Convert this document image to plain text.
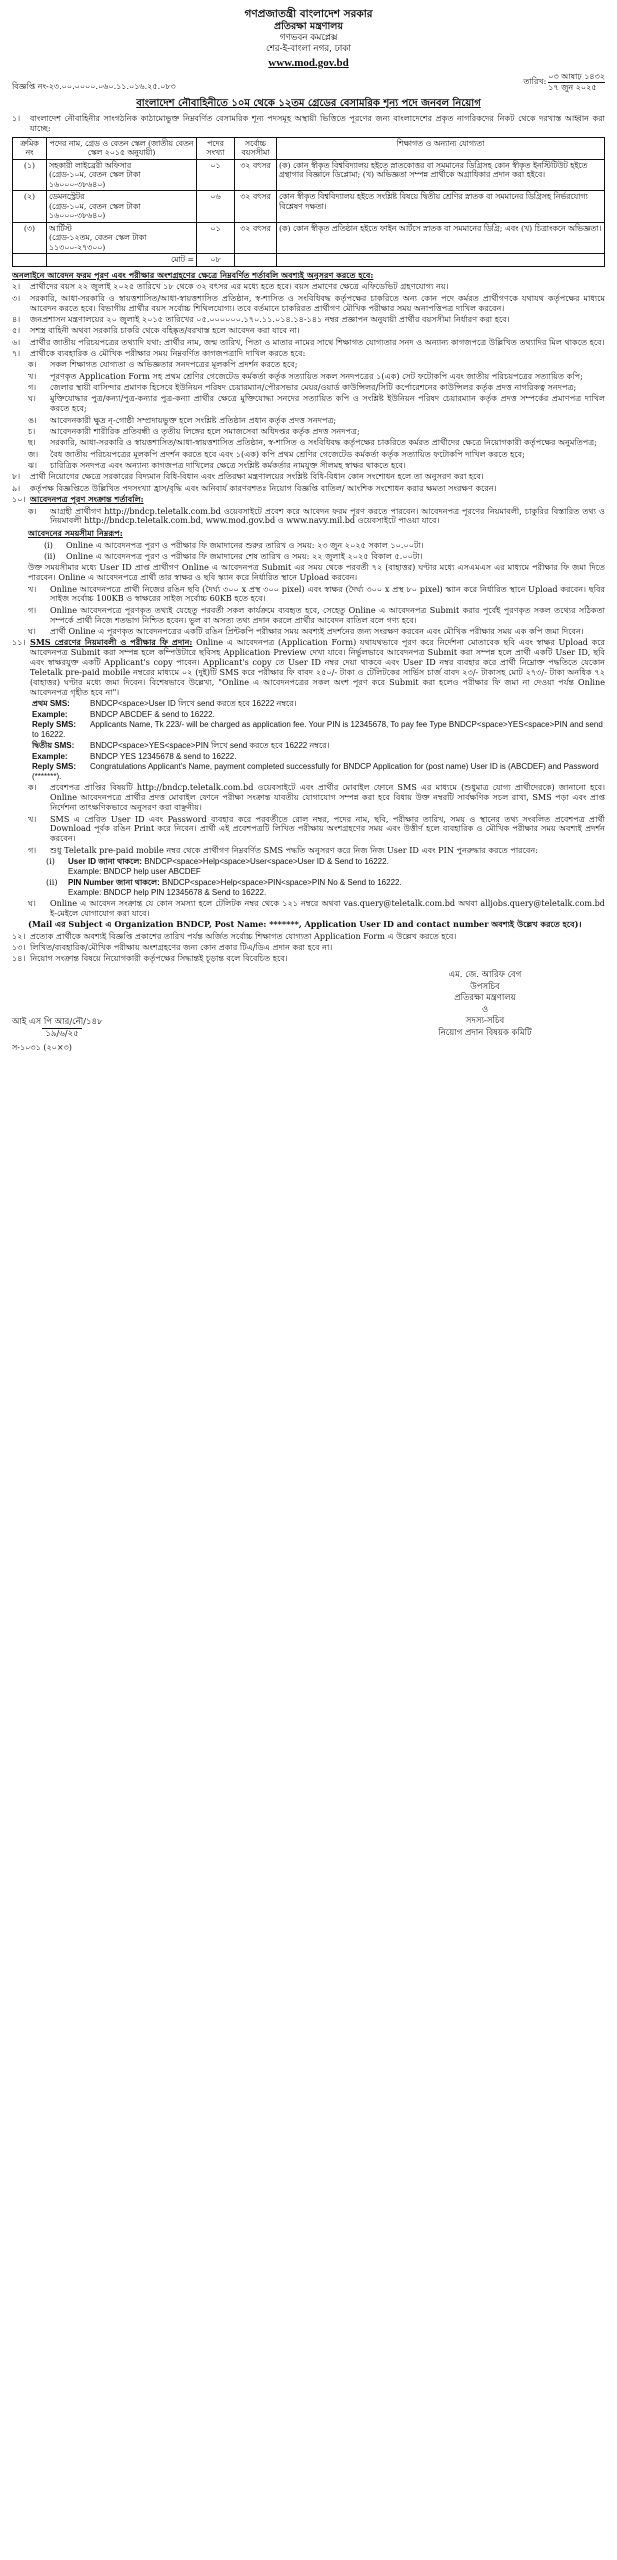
গণপ্রজাতন্ত্রী বাংলাদেশ সরকার
প্রতিরক্ষা মন্ত্রণালয়
গণভবন কমপ্লেক্স
শের-ই-বাংলা নগর, ঢাকা
www.mod.gov.bd
বিজ্ঞপ্তি নং-২৩.০০.০০০০.০৬০.১১.০১৬.২৫.০৮৩
তারিখ:
০৩ আষাঢ় ১৪৩২
১৭ জুন ২০২৫
বাংলাদেশ নৌবাহিনীতে ১০ম থেকে ১২তম গ্রেডের বেসামরিক শূন্য পদে জনবল নিয়োগ
১।	বাংলাদেশ নৌবাহিনীর সাংগঠনিক কাঠামোভুক্ত নিম্নবর্ণিত বেসামরিক শূন্য পদসমূহ অস্থায়ী ভিত্তিতে পূরণের জন্য বাংলাদেশের প্রকৃত নাগরিকদের নিকট থেকে দরখাস্ত আহ্বান করা যাচ্ছে:
ক্রমিক নং	পদের নাম, গ্রেড ও বেতন স্কেল (জাতীয় বেতন স্কেল ২০১৫ অনুযায়ী)	পদের সংখ্যা	সর্বোচ্চ বয়সসীমা	শিক্ষাগত ও অন্যান্য যোগ্যতা
(১)	সহকারী লাইব্রেরী অফিসার
(গ্রেড-১০ম, বেতন স্কেল টাকা ১৬০০০-৩৮৬৪০)	০১	৩২ বৎসর	(ক) কোন স্বীকৃত বিশ্ববিদ্যালয় হইতে স্নাতকোত্তর বা সমমানের ডিগ্রিসহ কোন স্বীকৃত ইনস্টিটিউট হইতে গ্রন্থাগার বিজ্ঞানে ডিপ্লোমা; (খ) অভিজ্ঞতা সম্পন্ন প্রার্থীকে অগ্রাধিকার প্রদান করা হইবে।
(২)	ডেমনস্ট্রেটর
(গ্রেড-১০ম, বেতন স্কেল টাকা ১৬০০০-৩৮৬৪০)	০৬	৩২ বৎসর	কোন স্বীকৃত বিশ্ববিদ্যালয় হইতে সংশ্লিষ্ট বিষয়ে দ্বিতীয় শ্রেণির স্নাতক বা সমমানের ডিগ্রিসহ নির্ভরযোগ্য বিশ্লেষণ দক্ষতা।
(৩)	আর্টিস্ট
(গ্রেড-১২তম, বেতন স্কেল টাকা ১১৩০০-২৭৩০০)	০১	৩২ বৎসর	(ক) কোন স্বীকৃত প্রতিষ্ঠান হইতে ফাইন আর্টসে স্নাতক বা সমমানের ডিগ্রি; এবং (খ) চিত্রাংকনে অভিজ্ঞতা।
	মোট =	০৮		
অনলাইনে আবেদন ফরম পূরণ এবং পরীক্ষার অংশগ্রহণের ক্ষেত্রে নিম্নবর্ণিত শর্তাবলি অবশ্যই অনুসরণ করতে হবে:
২।	প্রার্থীদের বয়স ২২ জুলাই ২০২৫ তারিখে ১৮ থেকে ৩২ বৎসর এর মধ্যে হতে হবে। বয়স প্রমাণের ক্ষেত্রে এফিডেভিট গ্রহণযোগ্য নয়।
৩।	সরকারি, আধা-সরকারি ও স্বায়ত্তশাসিত/আধা-স্বায়ত্তশাসিত প্রতিষ্ঠান, স্ব-শাসিত ও সংবিধিবদ্ধ কর্তৃপক্ষের চাকরিতে অন্য কোন পদে কর্মরত প্রার্থীগণকে যথাযথ কর্তৃপক্ষের মাধ্যমে আবেদন করতে হবে। বিভাগীয় প্রার্থীর বয়স সর্বোচ্চ শিথিলযোগ্য। তবে বর্তমানে চাকরিরত প্রার্থীগণ মৌখিক পরীক্ষার সময় অনাপত্তিপত্র দাখিল করবেন।
৪।	জনপ্রশাসন মন্ত্রণালয়ের ২০ জুলাই ২০১৫ তারিখের ০৫.০০০০০০.১৭০.১১.০১৪.১৪-১৪১ নম্বর প্রজ্ঞাপন অনুযায়ী প্রার্থীর বয়সসীমা নির্ধারণ করা হবে।
৫।	সশস্ত্র বাহিনী অথবা সরকারি চাকরি থেকে বহিষ্কৃত/বরখাস্ত হলে আবেদন করা যাবে না।
৬।	প্রার্থীর জাতীয় পরিচয়পত্রের তথ্যাদি যথা: প্রার্থীর নাম, জন্ম তারিখ, পিতা ও মাতার নামের সাথে শিক্ষাগত যোগ্যতার সনদ ও অন্যান্য কাগজপত্রে উল্লিখিত তথ্যাদির মিল থাকতে হবে।
৭।	প্রার্থীকে ব্যবহারিক ও মৌখিক পরীক্ষার সময় নিম্নবর্ণিত কাগজপত্রাদি দাখিল করতে হবে:
ক।	সকল শিক্ষাগত যোগ্যতা ও অভিজ্ঞতার সনদপত্রের মূলকপি প্রদর্শন করতে হবে;
খ।	পূরণকৃত Application Form সহ প্রথম শ্রেণির গেজেটেড কর্মকর্তা কর্তৃক সত্যায়িত সকল সনদপত্রের ১(এক) সেট ফটোকপি এবং জাতীয় পরিচয়পত্রের সত্যায়িত কপি;
গ।	জেলার স্থায়ী বাসিন্দার প্রমাণক হিসেবে ইউনিয়ন পরিষদ চেয়ারম্যান/পৌরসভার মেয়র/ওয়ার্ড কাউন্সিলর/সিটি কর্পোরেশনের কাউন্সিলর কর্তৃক প্রদত্ত নাগরিকত্ব সনদপত্র;
ঘ।	মুক্তিযোদ্ধার পুত্র/কন্যা/পুত্র-কন্যার পুত্র-কন্যা প্রার্থীর ক্ষেত্রে মুক্তিযোদ্ধা সনদের সত্যায়িত কপি ও সংশ্লিষ্ট ইউনিয়ন পরিষদ চেয়ারম্যান কর্তৃক প্রদত্ত সম্পর্কের প্রমাণপত্র দাখিল করতে হবে;
ঙ।	আবেদনকারী ক্ষুদ্র নৃ-গোষ্ঠী সম্প্রদায়ভুক্ত হলে সংশ্লিষ্ট প্রতিষ্ঠান প্রধান কর্তৃক প্রদত্ত সনদপত্র;
চ।	আবেদনকারী শারীরিক প্রতিবন্ধী ও তৃতীয় লিঙ্গের হলে সমাজসেবা অধিদপ্তর কর্তৃক প্রদত্ত সনদপত্র;
ছ।	সরকারি, আধা-সরকারি ও স্বায়ত্তশাসিত/আধা-স্বায়ত্তশাসিত প্রতিষ্ঠান, স্ব-শাসিত ও সংবিধিবদ্ধ কর্তৃপক্ষের চাকরিতে কর্মরত প্রার্থীদের ক্ষেত্রে নিয়োগকারী কর্তৃপক্ষের অনুমতিপত্র;
জ।	বৈধ জাতীয় পরিচয়পত্রের মূলকপি প্রদর্শন করতে হবে এবং ১(এক) কপি প্রথম শ্রেণির গেজেটেড কর্মকর্তা কর্তৃক সত্যায়িত ফটোকপি দাখিল করতে হবে;
ঝ।	চারিত্রিক সনদপত্র এবং অন্যান্য কাগজপত্র দাখিলের ক্ষেত্রে সংশ্লিষ্ট কর্মকর্তার নামযুক্ত সীলমহ স্বাক্ষর থাকতে হবে।
৮।	প্রার্থী নিয়োগের ক্ষেত্রে সরকারের বিদ্যমান বিধি-বিধান এবং প্রতিরক্ষা মন্ত্রণালয়ের সংশ্লিষ্ট বিধি-বিধান কোন সংশোধন হলে তা অনুসরণ করা হবে।
৯।	কর্তৃপক্ষ বিজ্ঞপ্তিতে উল্লিখিত পদসংখ্যা হ্রাস/বৃদ্ধি এবং অনিবার্য কারণবশতঃ নিয়োগ বিজ্ঞপ্তি বাতিল/ আংশিক সংশোধন করার ক্ষমতা সংরক্ষণ করেন।
১০। আবেদনপত্র পূরণ সংক্রান্ত শর্তাবলি:
ক।	আগ্রহী প্রার্থীগণ http://bndcp.teletalk.com.bd ওয়েবসাইটে প্রবেশ করে আবেদন ফরম পূরণ করতে পারবেন। আবেদনপত্র পূরণের নিয়মাবলী, চাকুরির বিস্তারিত তথ্য ও নিয়মাবলী http://bndcp.teletalk.com.bd, www.mod.gov.bd ও www.navy.mil.bd ওয়েবসাইটে পাওয়া যাবে।
আবেদনের সময়সীমা নিম্নরূপ:
(i)	Online এ আবেদনপত্র পূরণ ও পরীক্ষার ফি জমাদানের শুরুর তারিখ ও সময়: ২৩ জুন ২০২৫ সকাল ১০.০০টা।
(ii)	Online এ আবেদনপত্র পূরণ ও পরীক্ষার ফি জমাদানের শেষ তারিখ ও সময়: ২২ জুলাই ২০২৫ বিকাল ৫.০০টা।
উক্ত সময়সীমার মধ্যে User ID প্রাপ্ত প্রার্থীগণ Online এ আবেদনপত্র Submit এর সময় থেকে পরবর্তী ৭২ (বাহাত্তর) ঘণ্টার মধ্যে এসএমএস এর মাধ্যমে পরীক্ষার ফি জমা দিতে পারবেন। Online এ আবেদনপত্রে প্রার্থী তার স্বাক্ষর ও ছবি স্ক্যান করে নির্ধারিত স্থানে Upload করবেন।
খ।	Online আবেদনপত্রে প্রার্থী নিজের রঙিন ছবি (দৈর্ঘ্য ৩০০ x প্রস্থ ৩০০ pixel) এবং স্বাক্ষর (দৈর্ঘ্য ৩০০ x প্রস্থ ৮০ pixel) স্ক্যান করে নির্ধারিত স্থানে Upload করবেন। ছবির সাইজ সর্বোচ্চ 100KB ও স্বাক্ষরের সাইজ সর্বোচ্চ 60KB হতে হবে।
গ।	Online আবেদনপত্রে পূরণকৃত তথ্যই যেহেতু পরবর্তী সকল কার্যক্রমে ব্যবহৃত হবে, সেহেতু Online এ আবেদনপত্র Submit করার পূর্বেই পূরণকৃত সকল তথ্যের সঠিকতা সম্পর্কে প্রার্থী নিজে শতভাগ নিশ্চিত হবেন। ভুল বা অসত্য তথ্য প্রদান করলে প্রার্থীর আবেদন বাতিল বলে গণ্য হবে।
ঘ।	প্রার্থী Online এ পূরণকৃত আবেদনপত্রের একটি রঙিন প্রিন্টকপি পরীক্ষার সময় অবশ্যই প্রদর্শনের জন্য সংরক্ষণ করবেন এবং মৌখিক পরীক্ষার সময় এক কপি জমা দিবেন।
১১। SMS প্রেরণের নিয়মাবলী ও পরীক্ষার ফি প্রদান: Online এ আবেদনপত্র (Application Form) যথাযথভাবে পূরণ করে নির্দেশনা মোতাবেক ছবি এবং স্বাক্ষর Upload করে আবেদনপত্র Submit করা সম্পন্ন হলে কম্পিউটারে ছবিসহ Application Preview দেখা যাবে। নির্ভুলভাবে আবেদনপত্র Submit করা সম্পন্ন হলে প্রার্থী একটি User ID, ছবি এবং স্বাক্ষরযুক্ত একটি Applicant's copy পাবেন। Applicant's copy তে User ID নম্বর দেয়া থাকবে এবং User ID নম্বর ব্যবহার করে প্রার্থী নিম্নোক্ত পদ্ধতিতে যেকোন Teletalk pre-paid mobile নম্বরের মাধ্যমে ০২ (দুই)টি SMS করে পরীক্ষার ফি বাবদ ২৫০/- টাকা ও টেলিটকের সার্ভিস চার্জ বাবদ ২৩/- টাকাসহ মোট ২৭৩/- টাকা অনধিক ৭২ (বাহাত্তর) ঘণ্টার মধ্যে জমা দিবেন। বিশেষভাবে উল্লেখ্য, "Online এ আবেদনপত্রের সকল অংশ পূরণ করে Submit করা হলেও পরীক্ষার ফি জমা না দেওয়া পর্যন্ত Online আবেদনপত্র গৃহীত হবে না"।
প্রথম SMS:	BNDCP<space>User ID লিখে send করতে হবে 16222 নম্বরে।
Example:	BNDCP ABCDEF & send to 16222.
Reply SMS: Applicants Name, Tk 223/- will be charged as application fee. Your PIN is 12345678, To pay fee Type BNDCP<space>YES<space>PIN and send to 16222.
দ্বিতীয় SMS: BNDCP<space>YES<space>PIN লিখে send করতে হবে 16222 নম্বরে।
Example:	BNDCP YES 12345678 & send to 16222.
Reply SMS: Congratulations Applicant's Name, payment completed successfully for BNDCP Application for (post name) User ID is (ABCDEF) and Password (*******).
ক।	প্রবেশপত্র প্রাপ্তির বিষয়টি http://bndcp.teletalk.com.bd ওয়েবসাইটে এবং প্রার্থীর মোবাইল ফোনে SMS এর মাধ্যমে (শুধুমাত্র যোগ্য প্রার্থীদেরকে) জানানো হবে। Online আবেদনপত্রে প্রার্থীর প্রদত্ত মোবাইল ফোনে পরীক্ষা সংক্রান্ত যাবতীয় যোগাযোগ সম্পন্ন করা হবে বিধায় উক্ত নম্বরটি সার্বক্ষণিক সচল রাখা, SMS পড়া এবং প্রাপ্ত নির্দেশনা তাৎক্ষণিকভাবে অনুসরণ করা বাঞ্ছনীয়।
খ।	SMS এ প্রেরিত User ID এবং Password ব্যবহার করে পরবর্তীতে রোল নম্বর, পদের নাম, ছবি, পরীক্ষার তারিখ, সময় ও স্থানের তথ্য সংবলিত প্রবেশপত্র প্রার্থী Download পূর্বক রঙিন Print করে নিবেন। প্রার্থী এই প্রবেশপত্রটি লিখিত পরীক্ষায় অংশগ্রহণের সময় এবং উত্তীর্ণ হলে ব্যবহারিক ও মৌখিক পরীক্ষার সময় অবশ্যই প্রদর্শন করবেন।
গ।	শুধু Teletalk pre-paid mobile নম্বর থেকে প্রার্থীগণ নিম্নবর্ণিত SMS পদ্ধতি অনুসরণ করে নিজ নিজ User ID এবং PIN পুনরুদ্ধার করতে পারবেন:
(i)	User ID জানা থাকলে: BNDCP<space>Help<space>User<space>User ID & Send to 16222.
Example: BNDCP help user ABCDEF
(ii)	PIN Number জানা থাকলে: BNDCP<space>Help<space>PIN<space>PIN No & Send to 16222.
Example: BNDCP help PIN 12345678 & Send to 16222.
ঘ।	Online এ আবেদন সংক্রান্ত যে কোন সমস্যা হলে টেলিটক নম্বর থেকে ১২১ নম্বরে অথবা vas.query@teletalk.com.bd অথবা alljobs.query@teletalk.com.bd ই-মেইলে যোগাযোগ করা যাবে।
(Mail এর Subject এ Organization BNDCP, Post Name: *******, Application User ID and contact number অবশ্যই উল্লেখ করতে হবে)।
১২। প্রত্যেক প্রার্থীকে অবশ্যই বিজ্ঞপ্তি প্রকাশের তারিখ পর্যন্ত অর্জিত সর্বোচ্চ শিক্ষাগত যোগ্যতা Application Form এ উল্লেখ করতে হবে।
১৩। লিখিত/ব্যবহারিক/মৌখিক পরীক্ষায় অংশগ্রহণের জন্য কোন প্রকার টিএ/ডিএ প্রদান করা হবে না।
১৪। নিয়োগ সংক্রান্ত বিষয়ে নিয়োগকারী কর্তৃপক্ষের সিদ্ধান্তই চূড়ান্ত বলে বিবেচিত হবে।
আই এস পি আর/নৌ/১৪৮
১৯/৬/২৫
এম. জে. আরিফ বেগ
উপসচিব
প্রতিরক্ষা মন্ত্রণালয়
ও
সদস্য-সচিব
নিয়োগ প্রদান বিষয়ক কমিটি
স-১০৩১ (২০×৩)
